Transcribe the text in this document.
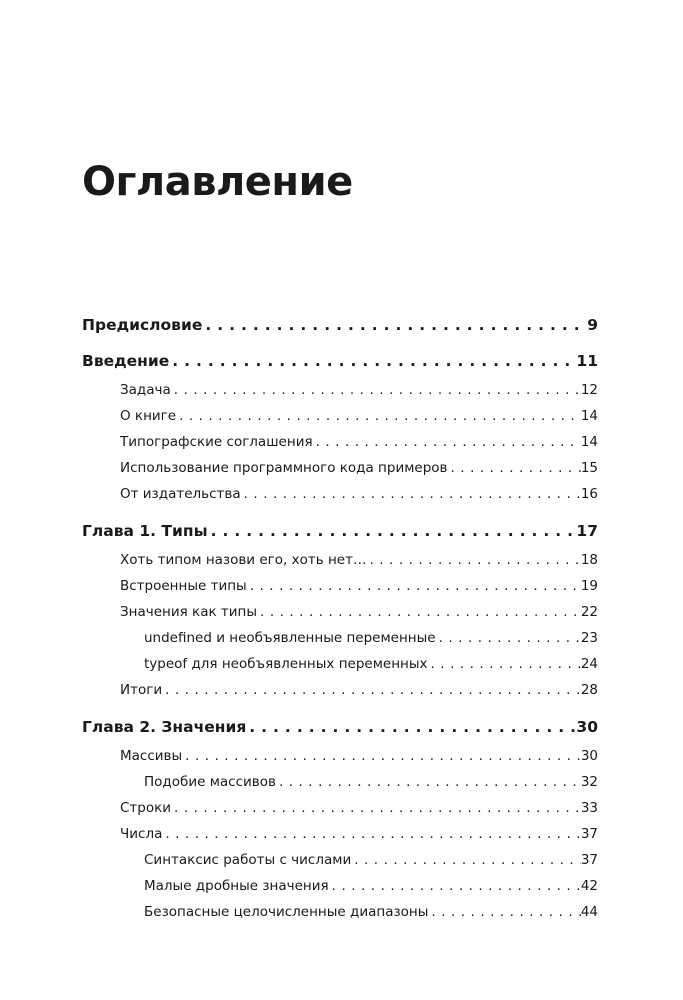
Оглавление
Предисловие . . .	9
Введение . . .	11
Задача . . .	12
О книге . . .	14
Типографские соглашения . . .	14
Использование программного кода примеров . . .	15
От издательства . . .	16
Глава 1. Типы . . .	17
Хоть типом назови его, хоть нет… . . .	18
Встроенные типы . . .	19
Значения как типы . . .	22
undefined и необъявленные переменные . . .	23
typeof для необъявленных переменных . . .	24
Итоги . . .	28
Глава 2. Значения . . .	30
Массивы . . .	30
Подобие массивов . . .	32
Строки . . .	33
Числа . . .	37
Синтаксис работы с числами . . .	37
Малые дробные значения . . .	42
Безопасные целочисленные диапазоны . . .	44
